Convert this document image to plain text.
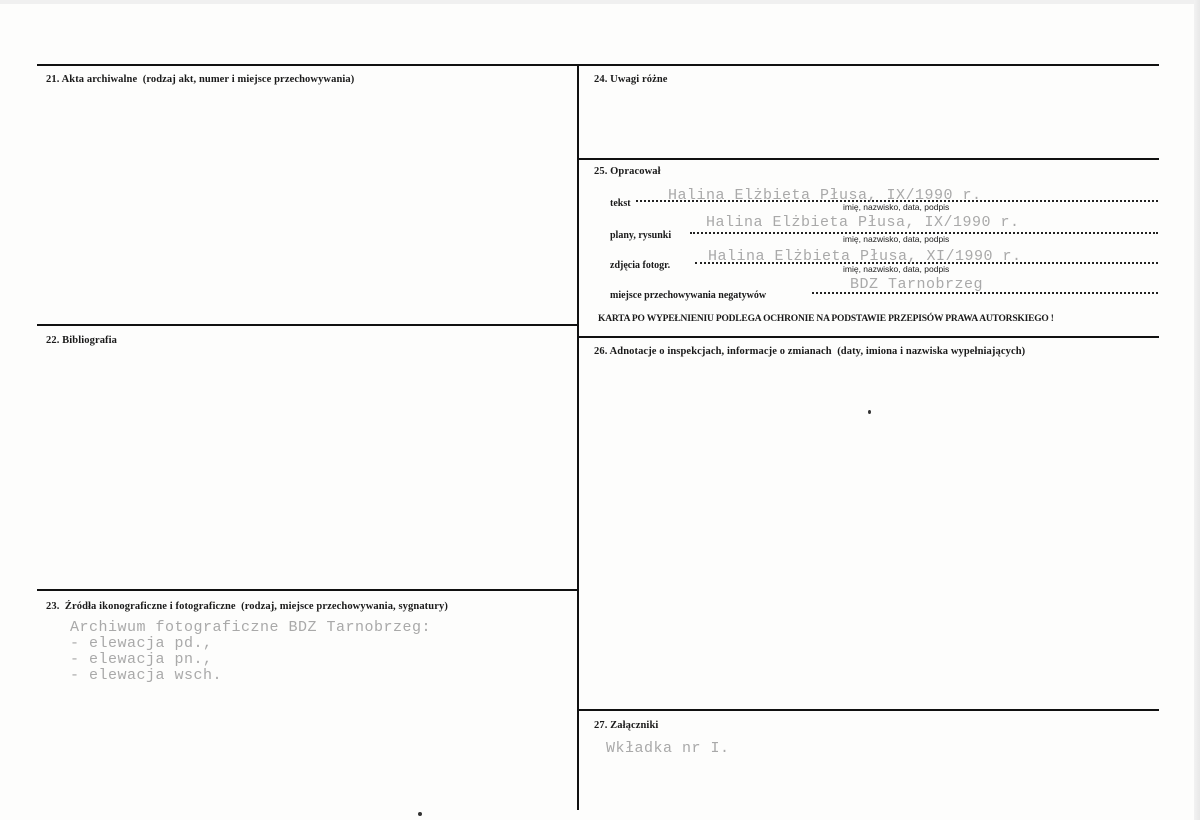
21. Akta archiwalne (rodzaj akt, numer i miejsce przechowywania)
22. Bibliografia
23. Źródła ikonograficzne i fotograficzne (rodzaj, miejsce przechowywania, sygnatury)
Archiwum fotograficzne BDZ Tarnobrzeg:
- elewacja pd.,
- elewacja pn.,
- elewacja wsch.
24. Uwagi różne
25. Opracował
tekst Halina Elżbieta Płusa, IX/1990 r.
imię, nazwisko, data, podpis
plany, rysunki
Halina Elżbieta Płusa, IX/1990 r.
imię, nazwisko, data, podpis
zdjęcia fotogr.
Halina Elżbieta Płusa, XI/1990 r.
imię, nazwisko, data, podpis
miejsce przechowywania negatywów
BDZ Tarnobrzeg
KARTA PO WYPEŁNIENIU PODLEGA OCHRONIE NA PODSTAWIE PRZEPISÓW PRAWA AUTORSKIEGO !
26. Adnotacje o inspekcjach, informacje o zmianach (daty, imiona i nazwiska wypełniających)
27. Załączniki
Wkładka nr I.
